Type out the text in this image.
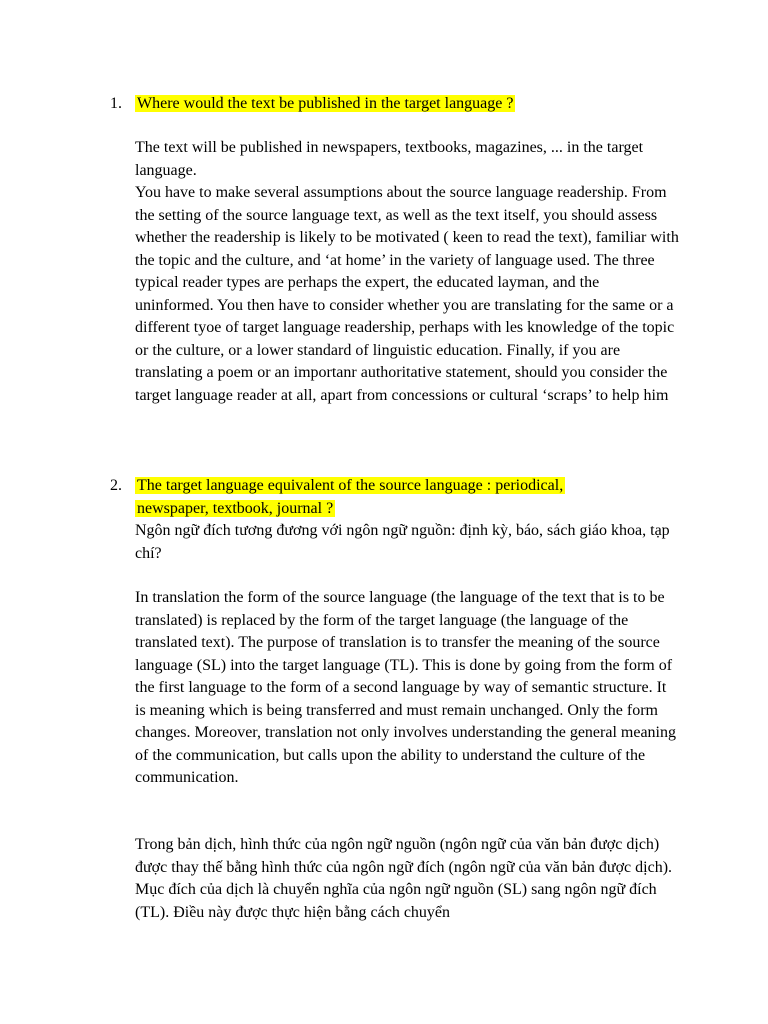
1. Where would the text be published in the target language ?

The text will be published in newspapers, textbooks, magazines, ... in the target language.

You have to make several assumptions about the source language readership. From the setting of the source language text, as well as the text itself, you should assess whether the readership is likely to be motivated ( keen to read the text), familiar with the topic and the culture, and ‘at home’ in the variety of language used. The three typical reader types are perhaps the expert, the educated layman, and the uninformed. You then have to consider whether you are translating for the same or a different tyoe of target language readership, perhaps with les knowledge of the topic or the culture, or a lower standard of linguistic education. Finally, if you are translating a poem or an importanr authoritative statement, should you consider the target language reader at all, apart from concessions or cultural ‘scraps’ to help him

2. The target language equivalent of the source language : periodical, newspaper, textbook, journal ?

Ngôn ngữ đích tương đương với ngôn ngữ nguồn: định kỳ, báo, sách giáo khoa, tạp chí?

In translation the form of the source language (the language of the text that is to be translated) is replaced by the form of the target language (the language of the translated text). The purpose of translation is to transfer the meaning of the source language (SL) into the target language (TL). This is done by going from the form of the first language to the form of a second language by way of semantic structure. It is meaning which is being transferred and must remain unchanged. Only the form changes. Moreover, translation not only involves understanding the general meaning of the communication, but calls upon the ability to understand the culture of the communication.

Trong bản dịch, hình thức của ngôn ngữ nguồn (ngôn ngữ của văn bản được dịch) được thay thế bằng hình thức của ngôn ngữ đích (ngôn ngữ của văn bản được dịch). Mục đích của dịch là chuyển nghĩa của ngôn ngữ nguồn (SL) sang ngôn ngữ đích (TL). Điều này được thực hiện bằng cách chuyển
